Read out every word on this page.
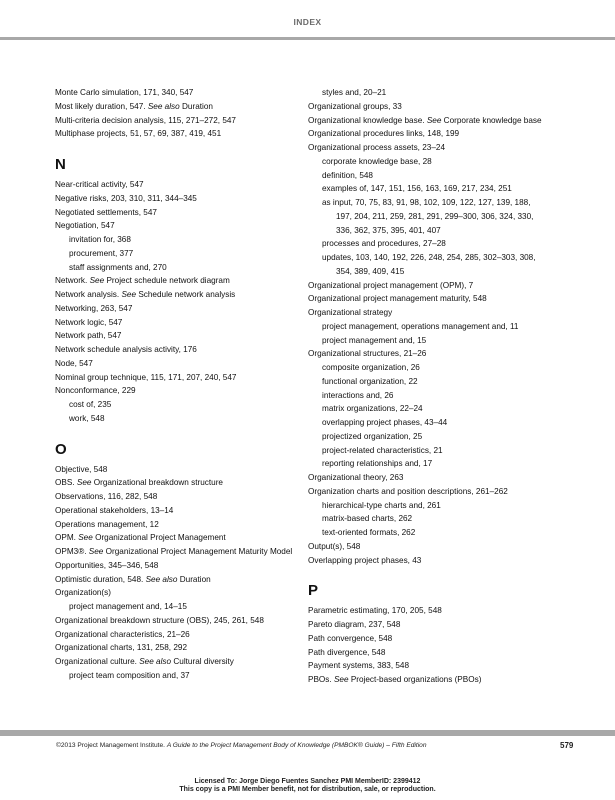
INDEX
Monte Carlo simulation, 171, 340, 547
Most likely duration, 547. See also Duration
Multi-criteria decision analysis, 115, 271–272, 547
Multiphase projects, 51, 57, 69, 387, 419, 451
N
Near-critical activity, 547
Negative risks, 203, 310, 311, 344–345
Negotiated settlements, 547
Negotiation, 547
invitation for, 368
procurement, 377
staff assignments and, 270
Network. See Project schedule network diagram
Network analysis. See Schedule network analysis
Networking, 263, 547
Network logic, 547
Network path, 547
Network schedule analysis activity, 176
Node, 547
Nominal group technique, 115, 171, 207, 240, 547
Nonconformance, 229
cost of, 235
work, 548
O
Objective, 548
OBS. See Organizational breakdown structure
Observations, 116, 282, 548
Operational stakeholders, 13–14
Operations management, 12
OPM. See Organizational Project Management
OPM3®. See Organizational Project Management Maturity Model
Opportunities, 345–346, 548
Optimistic duration, 548. See also Duration
Organization(s)
project management and, 14–15
Organizational breakdown structure (OBS), 245, 261, 548
Organizational characteristics, 21–26
Organizational charts, 131, 258, 292
Organizational culture. See also Cultural diversity
project team composition and, 37
styles and, 20–21
Organizational groups, 33
Organizational knowledge base. See Corporate knowledge base
Organizational procedures links, 148, 199
Organizational process assets, 23–24
corporate knowledge base, 28
definition, 548
examples of, 147, 151, 156, 163, 169, 217, 234, 251
as input, 70, 75, 83, 91, 98, 102, 109, 122, 127, 139, 188,
197, 204, 211, 259, 281, 291, 299–300, 306, 324, 330,
336, 362, 375, 395, 401, 407
processes and procedures, 27–28
updates, 103, 140, 192, 226, 248, 254, 285, 302–303, 308,
354, 389, 409, 415
Organizational project management (OPM), 7
Organizational project management maturity, 548
Organizational strategy
project management, operations management and, 11
project management and, 15
Organizational structures, 21–26
composite organization, 26
functional organization, 22
interactions and, 26
matrix organizations, 22–24
overlapping project phases, 43–44
projectized organization, 25
project-related characteristics, 21
reporting relationships and, 17
Organizational theory, 263
Organization charts and position descriptions, 261–262
hierarchical-type charts and, 261
matrix-based charts, 262
text-oriented formats, 262
Output(s), 548
Overlapping project phases, 43
P
Parametric estimating, 170, 205, 548
Pareto diagram, 237, 548
Path convergence, 548
Path divergence, 548
Payment systems, 383, 548
PBOs. See Project-based organizations (PBOs)
©2013 Project Management Institute. A Guide to the Project Management Body of Knowledge (PMBOK® Guide) – Fifth Edition	579
Licensed To: Jorge Diego Fuentes Sanchez PMI MemberID: 2399412
This copy is a PMI Member benefit, not for distribution, sale, or reproduction.
